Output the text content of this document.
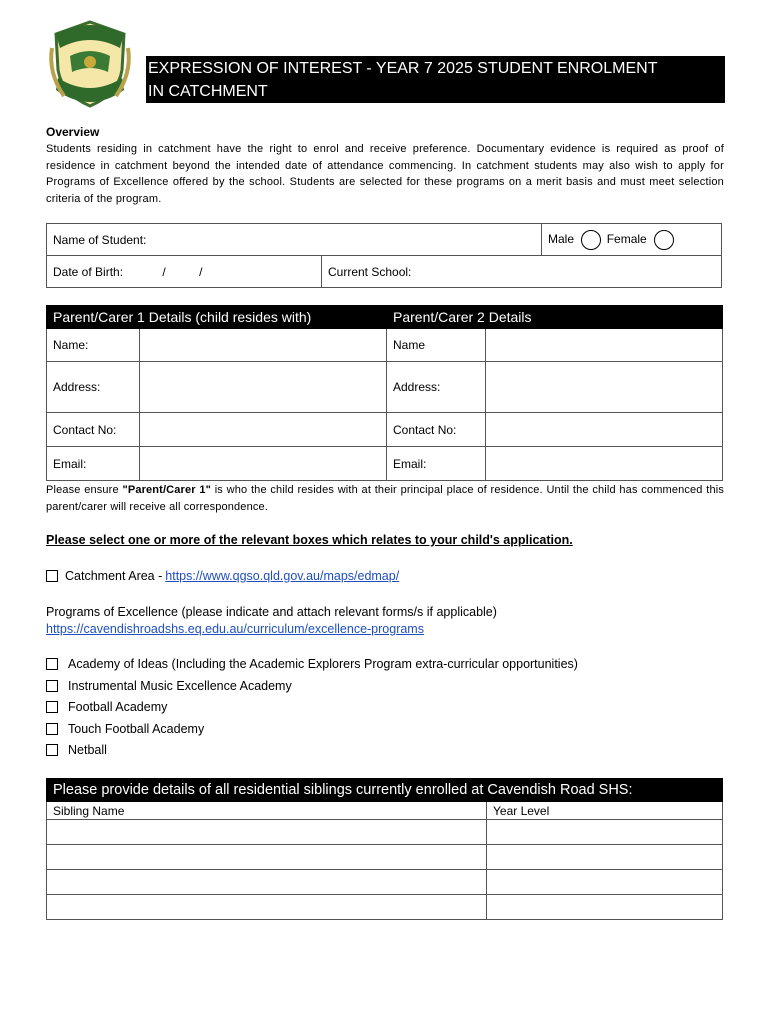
EXPRESSION OF INTEREST - YEAR 7 2025 STUDENT ENROLMENT
IN CATCHMENT
Overview
Students residing in catchment have the right to enrol and receive preference. Documentary evidence is required as proof of residence in catchment beyond the intended date of attendance commencing. In catchment students may also wish to apply for Programs of Excellence offered by the school. Students are selected for these programs on a merit basis and must meet selection criteria of the program.
Name of Student:		Male Female
Date of Birth: / /	Current School:	
Parent/Carer 1 Details (child resides with)		Parent/Carer 2 Details	
Name:		Name	
Address:		Address:	
Contact No:		Contact No:	
Email:		Email:	
Please ensure "Parent/Carer 1" is who the child resides with at their principal place of residence. Until the child has commenced this parent/carer will receive all correspondence.
Please select one or more of the relevant boxes which relates to your child's application.
Catchment Area - https://www.qgso.qld.gov.au/maps/edmap/
Programs of Excellence (please indicate and attach relevant forms/s if applicable)
https://cavendishroadshs.eq.edu.au/curriculum/excellence-programs
Academy of Ideas (Including the Academic Explorers Program extra-curricular opportunities)
Instrumental Music Excellence Academy
Football Academy
Touch Football Academy
Netball
Please provide details of all residential siblings currently enrolled at Cavendish Road SHS:	
Sibling Name	Year Level
